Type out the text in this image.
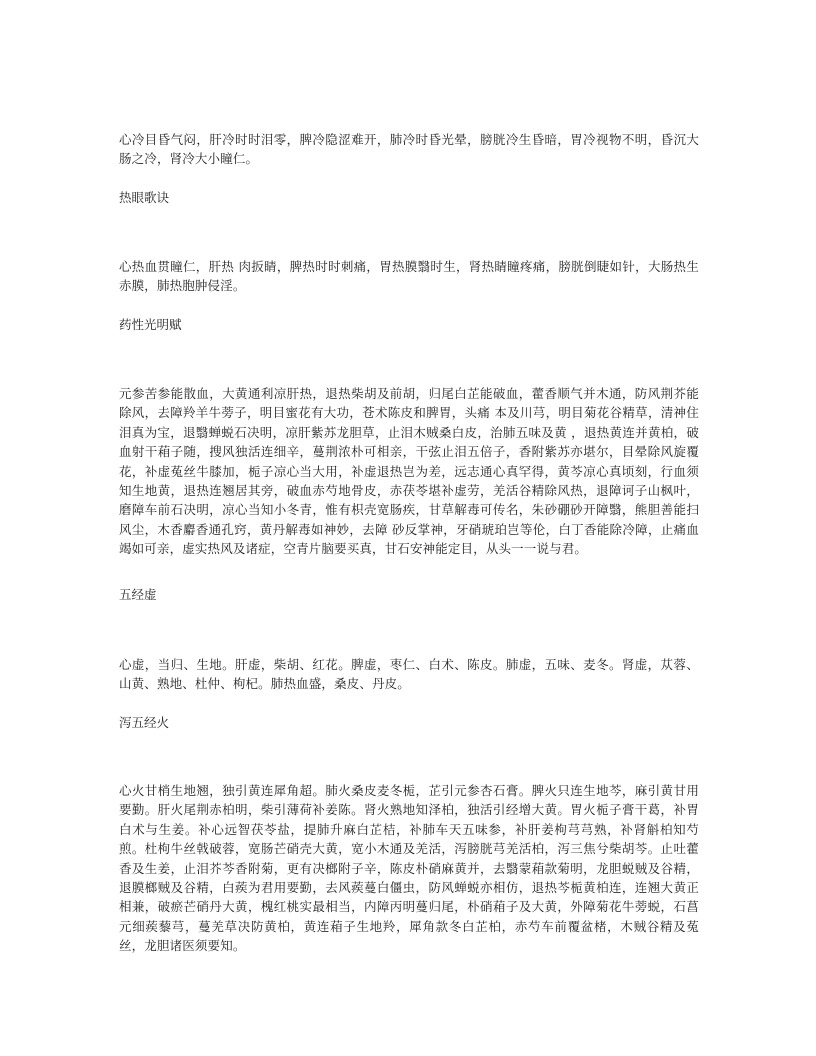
心冷目昏气闷，肝冷时时泪零，脾冷隐涩难开，肺冷时昏光晕，膀胱冷生昏暗，胃冷视物不明，昏沉大肠之冷，肾冷大小瞳仁。

热眼歌诀

心热血贯瞳仁，肝热 肉扳睛，脾热时时刺痛，胃热膜翳时生，肾热睛瞳疼痛，膀胱倒睫如针，大肠热生赤膜，肺热胞肿侵淫。

药性光明赋

元参苦参能散血，大黄通利凉肝热，退热柴胡及前胡，归尾白芷能破血，藿香顺气并木通，防风荆芥能除风，去障羚羊牛蒡子，明目蜜花有大功，苍术陈皮和脾胃，头痛 本及川芎，明目菊花谷精草，清神住泪真为宝，退翳蝉蜕石决明，凉肝紫苏龙胆草，止泪木贼桑白皮，治肺五味及黄 ，退热黄连并黄柏，破血射干葙子随，搜风独活连细辛，蔓荆浓朴可相亲，干弦止泪五倍子，香附紫苏亦堪尔，目晕除风旋覆花，补虚菟丝牛膝加，栀子凉心当大用，补虚退热岂为差，远志通心真罕得，黄芩凉心真顷刻，行血须知生地黄，退热连翘居其旁，破血赤芍地骨皮，赤茯苓堪补虚劳，羌活谷精除风热，退障诃子山枫叶，磨障车前石决明，凉心当知小冬青，惟有枳壳宽肠疾，甘草解毒可传名，朱砂硼砂开障翳，熊胆善能扫风尘，木香麝香通孔窍，黄丹解毒如神妙，去障 砂反掌神，牙硝琥珀岂等伦，白丁香能除冷障，止痛血竭如可亲，虚实热风及诸症，空青片脑要买真，甘石安神能定目，从头一一说与君。

五经虚

心虚，当归、生地。肝虚，柴胡、红花。脾虚，枣仁、白术、陈皮。肺虚，五味、麦冬。肾虚，苁蓉、山黄、熟地、杜仲、枸杞。肺热血盛，桑皮、丹皮。

泻五经火

心火甘梢生地翘，独引黄连犀角超。肺火桑皮麦冬栀，芷引元参杏石膏。脾火只连生地芩，麻引黄甘用要勤。肝火尾荆赤柏明，柴引薄荷补姜陈。肾火熟地知泽柏，独活引经增大黄。胃火栀子膏干葛，补胃白术与生姜。补心远智茯苓盐，提肺升麻白芷桔，补肺车天五味参，补肝姜枸芎芎熟，补肾斛柏知芍煎。杜枸牛丝戟破蓉，宽肠芒硝壳大黄，宽小木通及羌活，泻膀胱芎羌活柏，泻三焦兮柴胡芩。止吐藿香及生姜，止泪芥芩香附菊，更有决榔附子辛，陈皮朴硝麻黄并，去翳蒙葙款菊明，龙胆蜕贼及谷精，退膜榔贼及谷精，白蒺为君用要勤，去风蒺蔓白僵虫，防风蝉蜕亦相仿，退热芩栀黄柏连，连翘大黄正相兼，破瘀芒硝丹大黄，槐红桃实最相当，内障丙明蔓归尾，朴硝葙子及大黄，外障菊花牛蒡蜕，石菖元细蒺藜芎，蔓羌草决防黄柏，黄连葙子生地羚，犀角款冬白芷柏，赤芍车前覆盆楮，木贼谷精及菟丝，龙胆诸医须要知。
